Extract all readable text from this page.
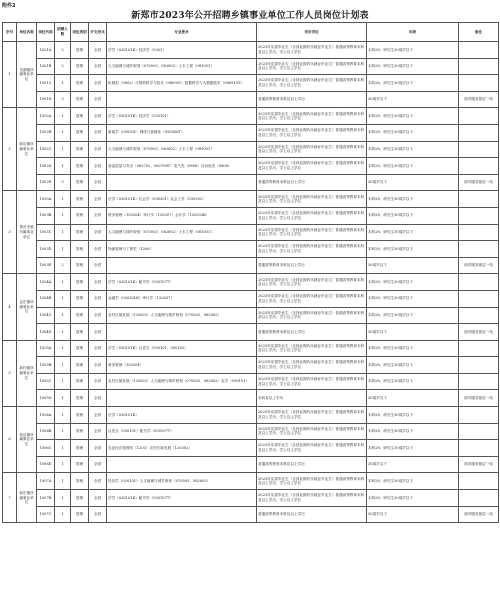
附件2
新郑市2023年公开招聘乡镇事业单位工作人员岗位计划表
序号	单位名称	岗位代码	招聘人数	岗位类别	开支形式	专业要求	学历学位	年龄	备注
1	龙湖镇所属事业单位	1001A	2	管理	全供	法学（030101K）经济学（0201）	2023年应届毕业生（含择业期内未就业毕业生）普通高等教育本科及以上学历，学士以上学位	本科28，研究生30周岁以下	
		1001B	2	管理	全供	人文地理与城乡规划（070503、082802）土木工程（081001）	2023年应届毕业生（含择业期内未就业毕业生）普通高等教育本科及以上学历，学士以上学位	本科28，研究生30周岁以下	
		1001C	1	管理	全供	机械类（0802）计算机科学与技术（080901）数据科学与大数据技术（080910T）	2023年应届毕业生（含择业期内未就业毕业生）普通高等教育本科及以上学历，学士以上学位	本科28，研究生30周岁以下	
		1001D	3	管理	全供		普通高等教育本科及以上学历	30周岁以下	面对服务基层一线
2	薛店镇所属事业单位	1002A	1	管理	全供	法学（030101K）经济学（020101）	2023年应届毕业生（含择业期内未就业毕业生）普通高等教育本科及以上学历，学士以上学位	本科28，研究生30周岁以下	
		1002B	1	管理	全供	新闻学（050301）网络与新媒体（050306T）	2023年应届毕业生（含择业期内未就业毕业生）普通高等教育本科及以上学历，学士以上学位	本科28，研究生30周岁以下	
		1002C	1	管理	全供	人文地理与城乡规划（070503、082802）土木工程（081001）	2023年应届毕业生（含择业期内未就业毕业生）普通高等教育本科及以上学历，学士以上学位	本科28，研究生30周岁以下	
		1002D	1	管理	全供	食品质量与安全（082702、082708T）电气类（0806）自动化类（0808）	2023年应届毕业生（含择业期内未就业毕业生）普通高等教育本科及以上学历，学士以上学位	本科28，研究生30周岁以下	
		1002E	3	管理	全供		普通高等教育本科及以上学历	30周岁以下	面对服务基层一线
3	观音寺镇所属事业单位	1003A	1	管理	全供	法学（030101K）社会学（030301）社会工作（030302）	2023年应届毕业生（含择业期内未就业毕业生）普通高等教育本科及以上学历，学士以上学位	本科28，研究生30周岁以下	
		1003B	1	管理	全供	财务管理（120204）审计学（120207）会计学（120203K）	2023年应届毕业生（含择业期内未就业毕业生）普通高等教育本科及以上学历，学士以上学位	本科28，研究生30周岁以下	
		1003C	1	管理	全供	人文地理与城乡规划（070503、082802）土木工程（081001）	2023年应届毕业生（含择业期内未就业毕业生）普通高等教育本科及以上学历，学士以上学位	本科28，研究生30周岁以下	
		1003D	1	管理	全供	物流管理与工程类（1206）	2023年应届毕业生（含择业期内未就业毕业生）普通高等教育本科及以上学历，学士以上学位	本科28，研究生30周岁以下	
		1003E	2	管理	全供		普通高等教育本科及以上学历	30周岁以下	面对服务基层一线
4	孟庄镇所属事业单位	1004A	1	管理	全供	法学（030101K）秘书学（050107T）	2023年应届毕业生（含择业期内未就业毕业生）普通高等教育本科及以上学历，学士以上学位	本科28，研究生30周岁以下	
		1004B	1	管理	全供	金融学（020301K）审计学（120207）	2023年应届毕业生（含择业期内未就业毕业生）普通高等教育本科及以上学历，学士以上学位	本科28，研究生30周岁以下	
		1004C	1	管理	全供	农村区域发展（120302）人文地理与城乡规划（070503、082802）	2023年应届毕业生（含择业期内未就业毕业生）普通高等教育本科及以上学历，学士以上学位	本科28，研究生30周岁以下	
		1004D	1	管理	全供		普通高等教育本科及以上学历	30周岁以下	面对服务基层一线
5	新村镇所属事业单位	1005A	1	管理	全供	法学（030101K）汉语言（050101、050102）	2023年应届毕业生（含择业期内未就业毕业生）普通高等教育本科及以上学历，学士以上学位	本科28，研究生30周岁以下	
		1005B	1	管理	全供	财务管理（120204）	2023年应届毕业生（含择业期内未就业毕业生）普通高等教育本科及以上学历，学士以上学位	本科28，研究生30周岁以下	
		1005C	1	管理	全供	农村区域发展（120302）人文地理与城乡规划（070503、082802）农学（090101）	2023年应届毕业生（含择业期内未就业毕业生）普通高等教育本科及以上学历，学士以上学位	本科28，研究生30周岁以下	
		1005D	1	管理	全供		本科及以上学历	30周岁以下	面对服务基层一线
6	郭店镇所属事业单位	1006A	1	管理	全供	法学（030101K）	2023年应届毕业生（含择业期内未就业毕业生）普通高等教育本科及以上学历，学士以上学位	本科28，研究生30周岁以下	
		1006B	1	管理	全供	汉语言（050101）秘书学（050107T）	2023年应届毕业生（含择业期内未就业毕业生）普通高等教育本科及以上学历，学士以上学位	本科28，研究生30周岁以下	
		1006C	1	管理	全供	农业经济管理类（1203）农村区域发展（120302）	2023年应届毕业生（含择业期内未就业毕业生）普通高等教育本科及以上学历，学士以上学位	本科28，研究生30周岁以下	
		1006D	1	管理	全供		普通高等教育本科及以上学历	30周岁以下	面对服务基层一线
7	和庄镇所属事业单位	1007A	1	管理	全供	经济学（020101）人文地理与城乡规划（070503、082802）	2023年应届毕业生（含择业期内未就业毕业生）普通高等教育本科及以上学历，学士以上学位	本科28，研究生30周岁以下	
		1007B	1	管理	全供	法学（030101K）秘书学（050107T）	2023年应届毕业生（含择业期内未就业毕业生）普通高等教育本科及以上学历，学士以上学位	本科28，研究生30周岁以下	
		1007C	1	管理	全供		普通高等教育本科及以上学历	30周岁以下	面对服务基层一线
